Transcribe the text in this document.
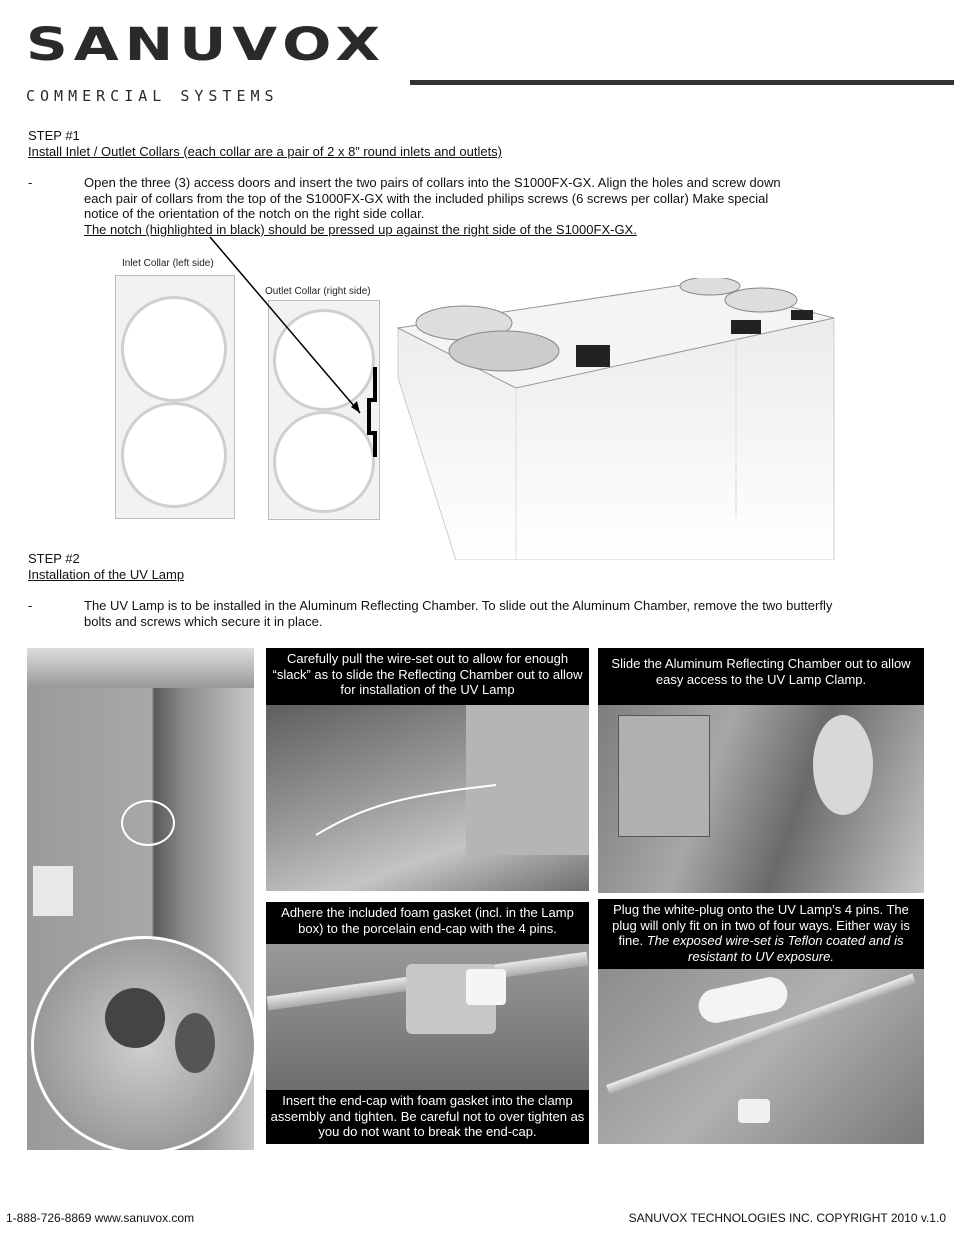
SANUVOX
COMMERCIAL SYSTEMS
STEP #1
Install Inlet / Outlet Collars (each collar are a pair of 2 x 8” round inlets and outlets)
-	Open the three (3) access doors and insert the two pairs of collars into the S1000FX-GX. Align the holes and screw down
each pair of collars from the top of the S1000FX-GX with the included philips screws (6 screws per collar) Make special
notice of the orientation of the notch on the right side collar.
The notch (highlighted in black) should be pressed up against the right side of the S1000FX-GX.
Inlet Collar (left side)
Outlet Collar (right side)
STEP #2
Installation of the UV Lamp
-	The UV Lamp is to be installed in the Aluminum Reflecting Chamber. To slide out the Aluminum Chamber, remove the two butterfly
bolts and screws which secure it in place.
Carefully pull the wire-set out to allow for enough “slack” as to slide the Reflecting Chamber out to allow for installation of the UV Lamp
Slide the Aluminum Reflecting Chamber out to allow easy access to the UV Lamp Clamp.
Adhere the included foam gasket (incl. in the Lamp box) to the porcelain end-cap with the 4 pins.
Insert the end-cap with foam gasket into the clamp assembly and tighten. Be careful not to over tighten as you do not want to break the end-cap.
Plug the white-plug onto the UV Lamp’s 4 pins. The plug will only fit on in two of four ways. Either way is fine. The exposed wire-set is Teflon coated and is resistant to UV exposure.
1-888-726-8869 www.sanuvox.com	SANUVOX TECHNOLOGIES INC. COPYRIGHT 2010 v.1.0
